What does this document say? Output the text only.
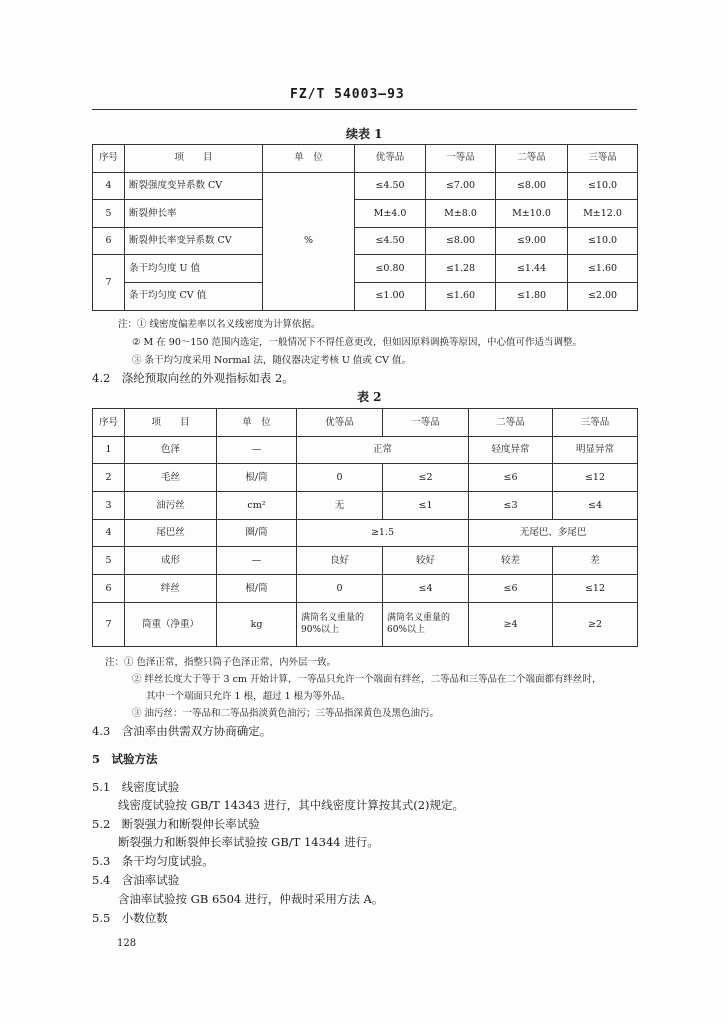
FZ/T 54003—93
续表 1
序号	项　　目	单　位	优等品	一等品	二等品	三等品
4	断裂强度变异系数 CV	%	≤4.50	≤7.00	≤8.00	≤10.0
5	断裂伸长率		M±4.0	M±8.0	M±10.0	M±12.0
6	断裂伸长率变异系数 CV		≤4.50	≤8.00	≤9.00	≤10.0
7	条干均匀度 U 值		≤0.80	≤1.28	≤1.44	≤1.60
	条干均匀度 CV 值		≤1.00	≤1.60	≤1.80	≤2.00
注：① 线密度偏差率以名义线密度为计算依据。
② M 在 90～150 范围内选定，一般情况下不得任意更改，但如因原料调换等原因，中心值可作适当调整。
③ 条干均匀度采用 Normal 法，随仪器决定考核 U 值或 CV 值。
4.2　涤纶预取向丝的外观指标如表 2。
表 2
序号	项　　目	单　位	优等品	一等品	二等品	三等品
1	色泽	—	正常		轻度异常	明显异常
2	毛丝	根/筒	0	≤2	≤6	≤12
3	油污丝	cm²	无	≤1	≤3	≤4
4	尾巴丝	圈/筒	≥1.5		无尾巴、多尾巴	
5	成形	—	良好	较好	较差	差
6	绊丝	根/筒	0	≤4	≤6	≤12
7	筒重（净重）	kg	满筒名义重量的 90%以上	满筒名义重量的 60%以上	≥4	≥2
注：① 色泽正常，指整只筒子色泽正常，内外层一致。
② 绊丝长度大于等于 3 cm 开始计算，一等品只允许一个端面有绊丝，二等品和三等品在二个端面都有绊丝时，
其中一个端面只允许 1 根，超过 1 根为等外品。
③ 油污丝：一等品和二等品指淡黄色油污；三等品指深黄色及黑色油污。
4.3　含油率由供需双方协商确定。
5　试验方法
5.1　线密度试验
线密度试验按 GB/T 14343 进行，其中线密度计算按其式(2)规定。
5.2　断裂强力和断裂伸长率试验
断裂强力和断裂伸长率试验按 GB/T 14344 进行。
5.3　条干均匀度试验。
5.4　含油率试验
含油率试验按 GB 6504 进行，仲裁时采用方法 A。
5.5　小数位数
128
